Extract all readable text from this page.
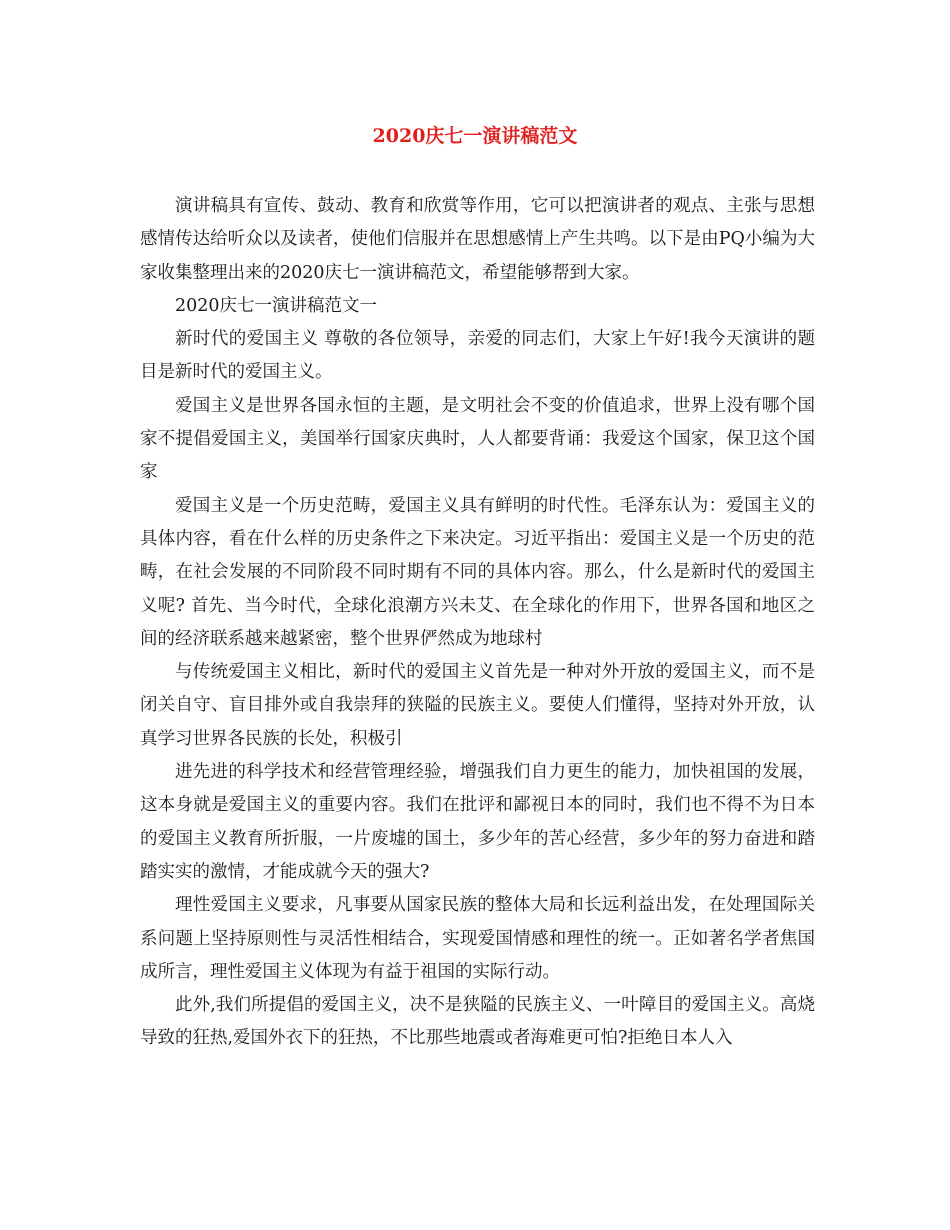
2020庆七一演讲稿范文

演讲稿具有宣传、鼓动、教育和欣赏等作用，它可以把演讲者的观点、主张与思想感情传达给听众以及读者，使他们信服并在思想感情上产生共鸣。以下是由PQ小编为大家收集整理出来的2020庆七一演讲稿范文，希望能够帮到大家。

2020庆七一演讲稿范文一

新时代的爱国主义 尊敬的各位领导，亲爱的同志们，大家上午好!我今天演讲的题目是新时代的爱国主义。

爱国主义是世界各国永恒的主题，是文明社会不变的价值追求，世界上没有哪个国家不提倡爱国主义，美国举行国家庆典时，人人都要背诵：我爱这个国家，保卫这个国家

爱国主义是一个历史范畴，爱国主义具有鲜明的时代性。毛泽东认为：爱国主义的具体内容，看在什么样的历史条件之下来决定。习近平指出：爱国主义是一个历史的范畴，在社会发展的不同阶段不同时期有不同的具体内容。那么，什么是新时代的爱国主义呢? 首先、当今时代，全球化浪潮方兴未艾、在全球化的作用下，世界各国和地区之间的经济联系越来越紧密，整个世界俨然成为地球村

与传统爱国主义相比，新时代的爱国主义首先是一种对外开放的爱国主义，而不是闭关自守、盲目排外或自我崇拜的狭隘的民族主义。要使人们懂得，坚持对外开放，认真学习世界各民族的长处，积极引

进先进的科学技术和经营管理经验，增强我们自力更生的能力，加快祖国的发展，这本身就是爱国主义的重要内容。我们在批评和鄙视日本的同时，我们也不得不为日本的爱国主义教育所折服，一片废墟的国土，多少年的苦心经营，多少年的努力奋进和踏踏实实的激情，才能成就今天的强大?

理性爱国主义要求，凡事要从国家民族的整体大局和长远利益出发，在处理国际关系问题上坚持原则性与灵活性相结合，实现爱国情感和理性的统一。正如著名学者焦国成所言，理性爱国主义体现为有益于祖国的实际行动。

此外,我们所提倡的爱国主义，决不是狭隘的民族主义、一叶障目的爱国主义。高烧导致的狂热,爱国外衣下的狂热，不比那些地震或者海难更可怕?拒绝日本人入
